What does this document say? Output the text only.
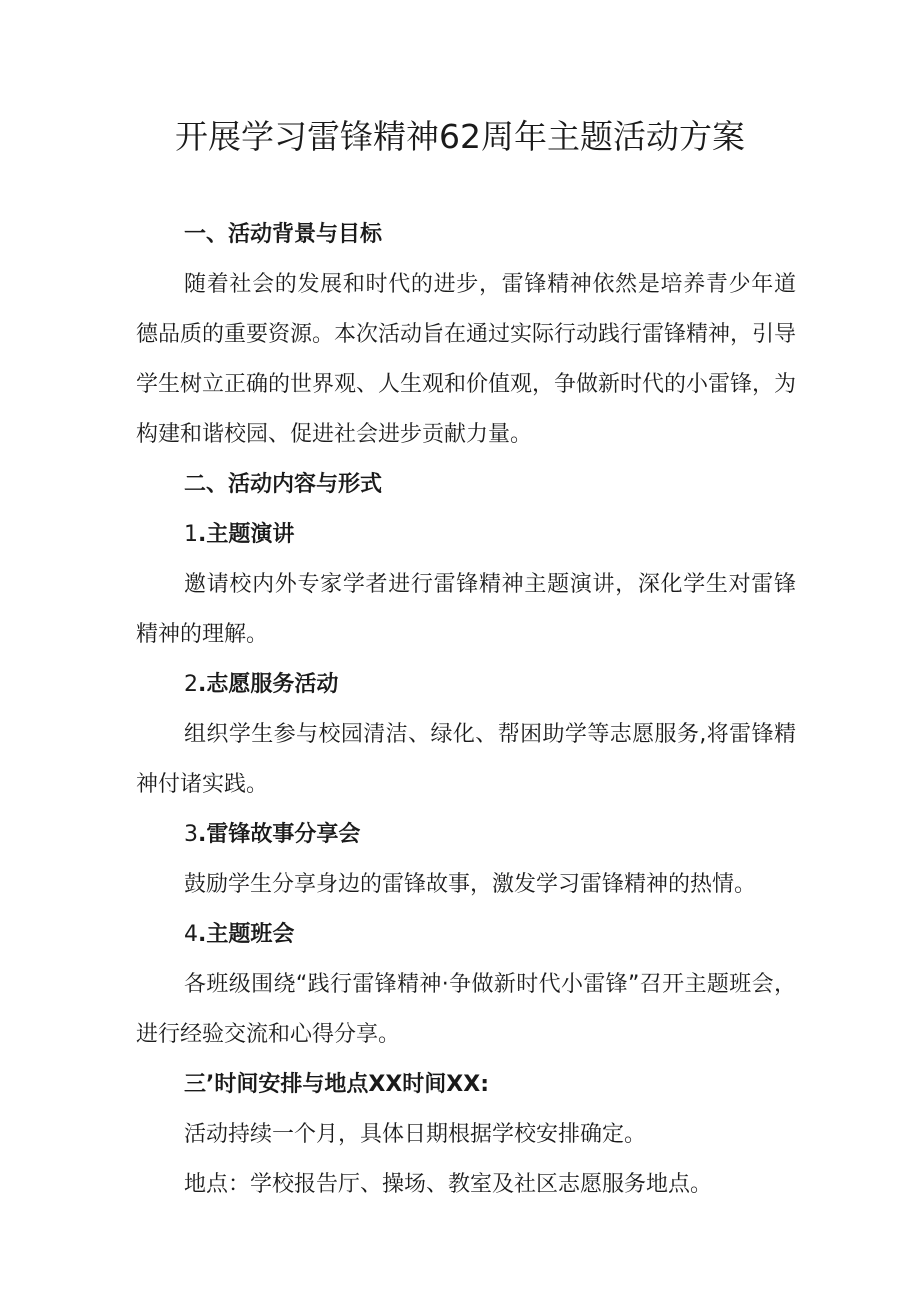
开展学习雷锋精神62周年主题活动方案

一、活动背景与目标

随着社会的发展和时代的进步，雷锋精神依然是培养青少年道德品质的重要资源。本次活动旨在通过实际行动践行雷锋精神，引导学生树立正确的世界观、人生观和价值观，争做新时代的小雷锋，为构建和谐校园、促进社会进步贡献力量。

二、活动内容与形式

1.主题演讲

邀请校内外专家学者进行雷锋精神主题演讲，深化学生对雷锋精神的理解。

2.志愿服务活动

组织学生参与校园清洁、绿化、帮困助学等志愿服务,将雷锋精神付诸实践。

3.雷锋故事分享会

鼓励学生分享身边的雷锋故事，激发学习雷锋精神的热情。

4.主题班会

各班级围绕“践行雷锋精神·争做新时代小雷锋”召开主题班会，进行经验交流和心得分享。

三’时间安排与地点XX时间XX:

活动持续一个月，具体日期根据学校安排确定。

地点：学校报告厅、操场、教室及社区志愿服务地点。
